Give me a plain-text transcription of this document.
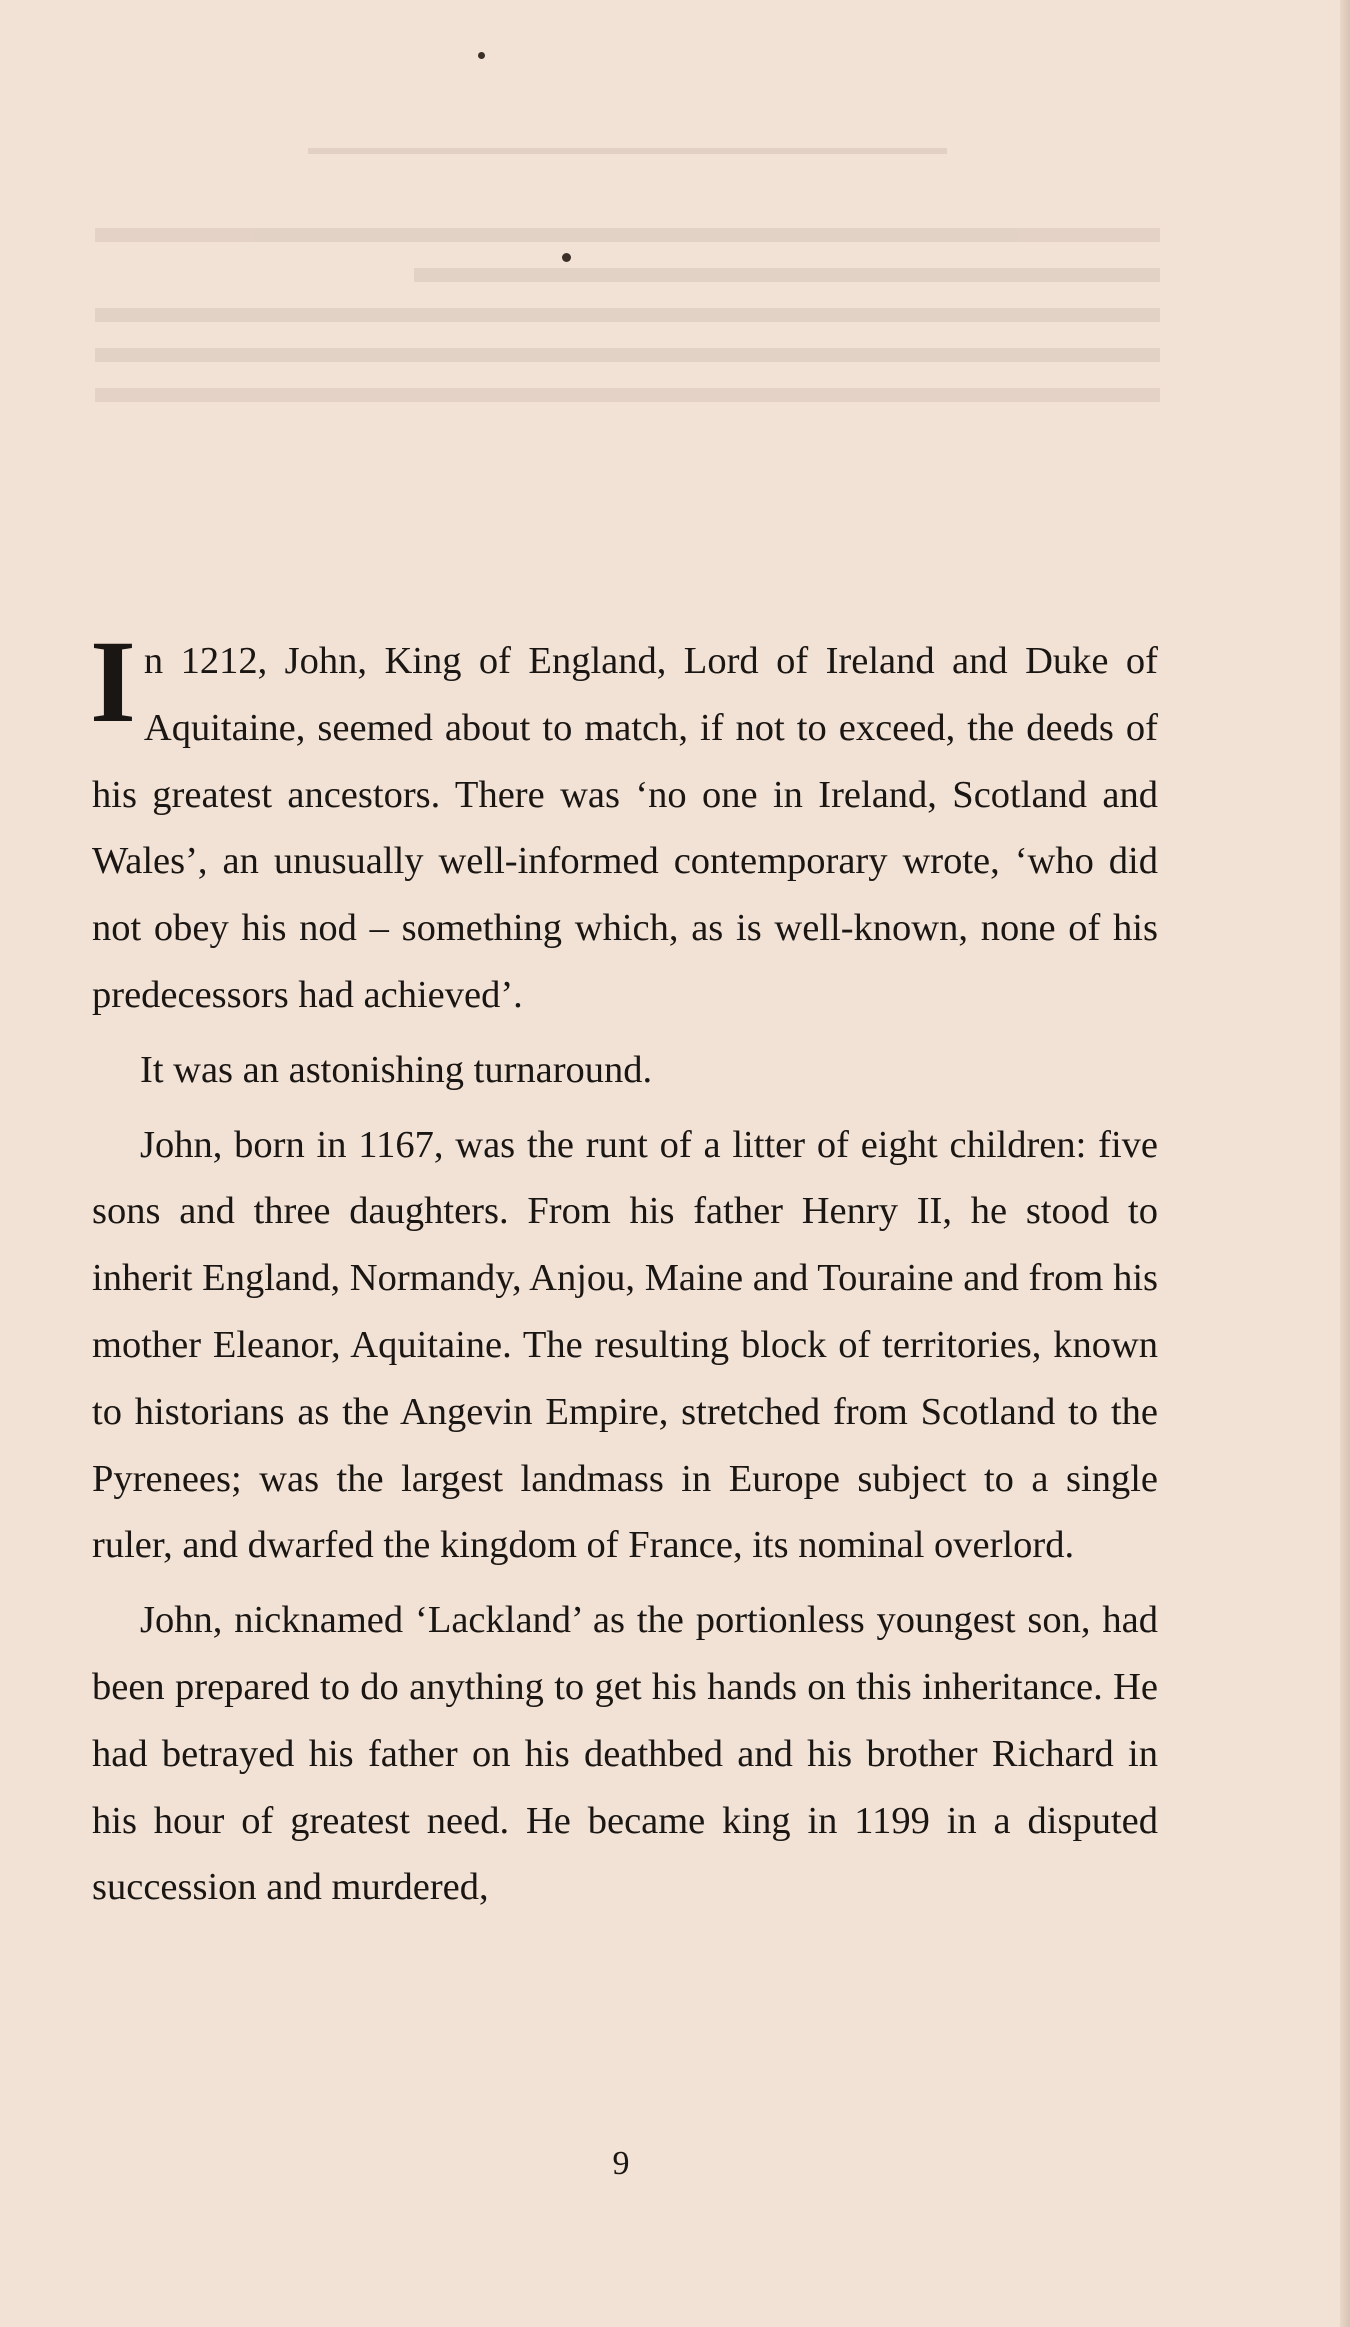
In 1212, John, King of England, Lord of Ireland and Duke of Aquitaine, seemed about to match, if not to exceed, the deeds of his greatest ancestors. There was ‘no one in Ireland, Scotland and Wales’, an unusually well-informed contemporary wrote, ‘who did not obey his nod – something which, as is well-known, none of his predecessors had achieved’.

It was an astonishing turnaround.

John, born in 1167, was the runt of a litter of eight children: five sons and three daughters. From his father Henry II, he stood to inherit England, Normandy, Anjou, Maine and Touraine and from his mother Eleanor, Aquitaine. The resulting block of territories, known to historians as the Angevin Empire, stretched from Scotland to the Pyrenees; was the largest landmass in Europe subject to a single ruler, and dwarfed the kingdom of France, its nominal overlord.

John, nicknamed ‘Lackland’ as the portionless youngest son, had been prepared to do anything to get his hands on this inheritance. He had betrayed his father on his deathbed and his brother Richard in his hour of greatest need. He became king in 1199 in a disputed succession and murdered,

9
